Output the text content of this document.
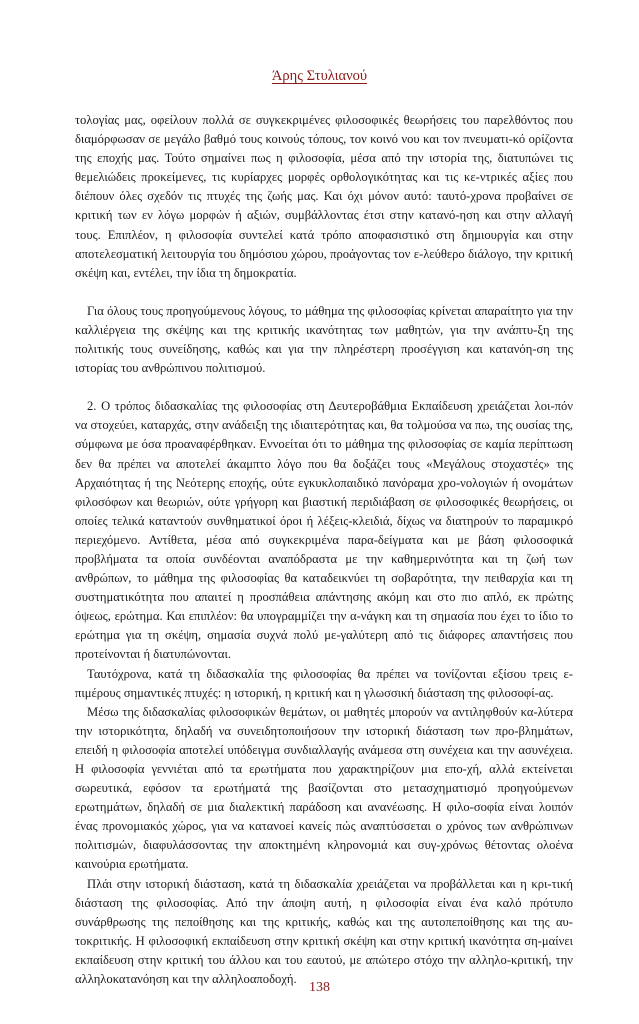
Άρης Στυλιανού

τολογίας μας, οφείλουν πολλά σε συγκεκριμένες φιλοσοφικές θεωρήσεις του παρελθόντος που διαμόρφωσαν σε μεγάλο βαθμό τους κοινούς τόπους, τον κοινό νου και τον πνευματι-κό ορίζοντα της εποχής μας. Τούτο σημαίνει πως η φιλοσοφία, μέσα από την ιστορία της, διατυπώνει τις θεμελιώδεις προκείμενες, τις κυρίαρχες μορφές ορθολογικότητας και τις κε-ντρικές αξίες που διέπουν όλες σχεδόν τις πτυχές της ζωής μας. Και όχι μόνον αυτό: ταυτό-χρονα προβαίνει σε κριτική των εν λόγω μορφών ή αξιών, συμβάλλοντας έτσι στην κατανό-ηση και στην αλλαγή τους. Επιπλέον, η φιλοσοφία συντελεί κατά τρόπο αποφασιστικό στη δημιουργία και στην αποτελεσματική λειτουργία του δημόσιου χώρου, προάγοντας τον ε-λεύθερο διάλογο, την κριτική σκέψη και, εντέλει, την ίδια τη δημοκρατία.

Για όλους τους προηγούμενους λόγους, το μάθημα της φιλοσοφίας κρίνεται απαραίτητο για την καλλιέργεια της σκέψης και της κριτικής ικανότητας των μαθητών, για την ανάπτυ-ξη της πολιτικής τους συνείδησης, καθώς και για την πληρέστερη προσέγγιση και κατανόη-ση της ιστορίας του ανθρώπινου πολιτισμού.

2. Ο τρόπος διδασκαλίας της φιλοσοφίας στη Δευτεροβάθμια Εκπαίδευση χρειάζεται λοι-πόν να στοχεύει, καταρχάς, στην ανάδειξη της ιδιαιτερότητας και, θα τολμούσα να πω, της ουσίας της, σύμφωνα με όσα προαναφέρθηκαν. Εννοείται ότι το μάθημα της φιλοσοφίας σε καμία περίπτωση δεν θα πρέπει να αποτελεί άκαμπτο λόγο που θα δοξάζει τους «Μεγάλους στοχαστές» της Αρχαιότητας ή της Νεότερης εποχής, ούτε εγκυκλοπαιδικό πανόραμα χρο-νολογιών ή ονομάτων φιλοσόφων και θεωριών, ούτε γρήγορη και βιαστική περιδιάβαση σε φιλοσοφικές θεωρήσεις, οι οποίες τελικά καταντούν συνθηματικοί όροι ή λέξεις-κλειδιά, δίχως να διατηρούν το παραμικρό περιεχόμενο. Αντίθετα, μέσα από συγκεκριμένα παρα-δείγματα και με βάση φιλοσοφικά προβλήματα τα οποία συνδέονται αναπόδραστα με την καθημερινότητα και τη ζωή των ανθρώπων, το μάθημα της φιλοσοφίας θα καταδεικνύει τη σοβαρότητα, την πειθαρχία και τη συστηματικότητα που απαιτεί η προσπάθεια απάντησης ακόμη και στο πιο απλό, εκ πρώτης όψεως, ερώτημα. Και επιπλέον: θα υπογραμμίζει την α-νάγκη και τη σημασία που έχει το ίδιο το ερώτημα για τη σκέψη, σημασία συχνά πολύ με-γαλύτερη από τις διάφορες απαντήσεις που προτείνονται ή διατυπώνονται.

Ταυτόχρονα, κατά τη διδασκαλία της φιλοσοφίας θα πρέπει να τονίζονται εξίσου τρεις ε-πιμέρους σημαντικές πτυχές: η ιστορική, η κριτική και η γλωσσική διάσταση της φιλοσοφί-ας.

Μέσω της διδασκαλίας φιλοσοφικών θεμάτων, οι μαθητές μπορούν να αντιληφθούν κα-λύτερα την ιστορικότητα, δηλαδή να συνειδητοποιήσουν την ιστορική διάσταση των προ-βλημάτων, επειδή η φιλοσοφία αποτελεί υπόδειγμα συνδιαλλαγής ανάμεσα στη συνέχεια και την ασυνέχεια. Η φιλοσοφία γεννιέται από τα ερωτήματα που χαρακτηρίζουν μια επο-χή, αλλά εκτείνεται σωρευτικά, εφόσον τα ερωτήματά της βασίζονται στο μετασχηματισμό προηγούμενων ερωτημάτων, δηλαδή σε μια διαλεκτική παράδοση και ανανέωσης. Η φιλο-σοφία είναι λοιπόν ένας προνομιακός χώρος, για να κατανοεί κανείς πώς αναπτύσσεται ο χρόνος των ανθρώπινων πολιτισμών, διαφυλάσσοντας την αποκτημένη κληρονομιά και συγ-χρόνως θέτοντας ολοένα καινούρια ερωτήματα.

Πλάι στην ιστορική διάσταση, κατά τη διδασκαλία χρειάζεται να προβάλλεται και η κρι-τική διάσταση της φιλοσοφίας. Από την άποψη αυτή, η φιλοσοφία είναι ένα καλό πρότυπο συνάρθρωσης της πεποίθησης και της κριτικής, καθώς και της αυτοπεποίθησης και της αυ-τοκριτικής. Η φιλοσοφική εκπαίδευση στην κριτική σκέψη και στην κριτική ικανότητα ση-μαίνει εκπαίδευση στην κριτική του άλλου και του εαυτού, με απώτερο στόχο την αλληλο-κριτική, την αλληλοκατανόηση και την αλληλοαποδοχή.

138
